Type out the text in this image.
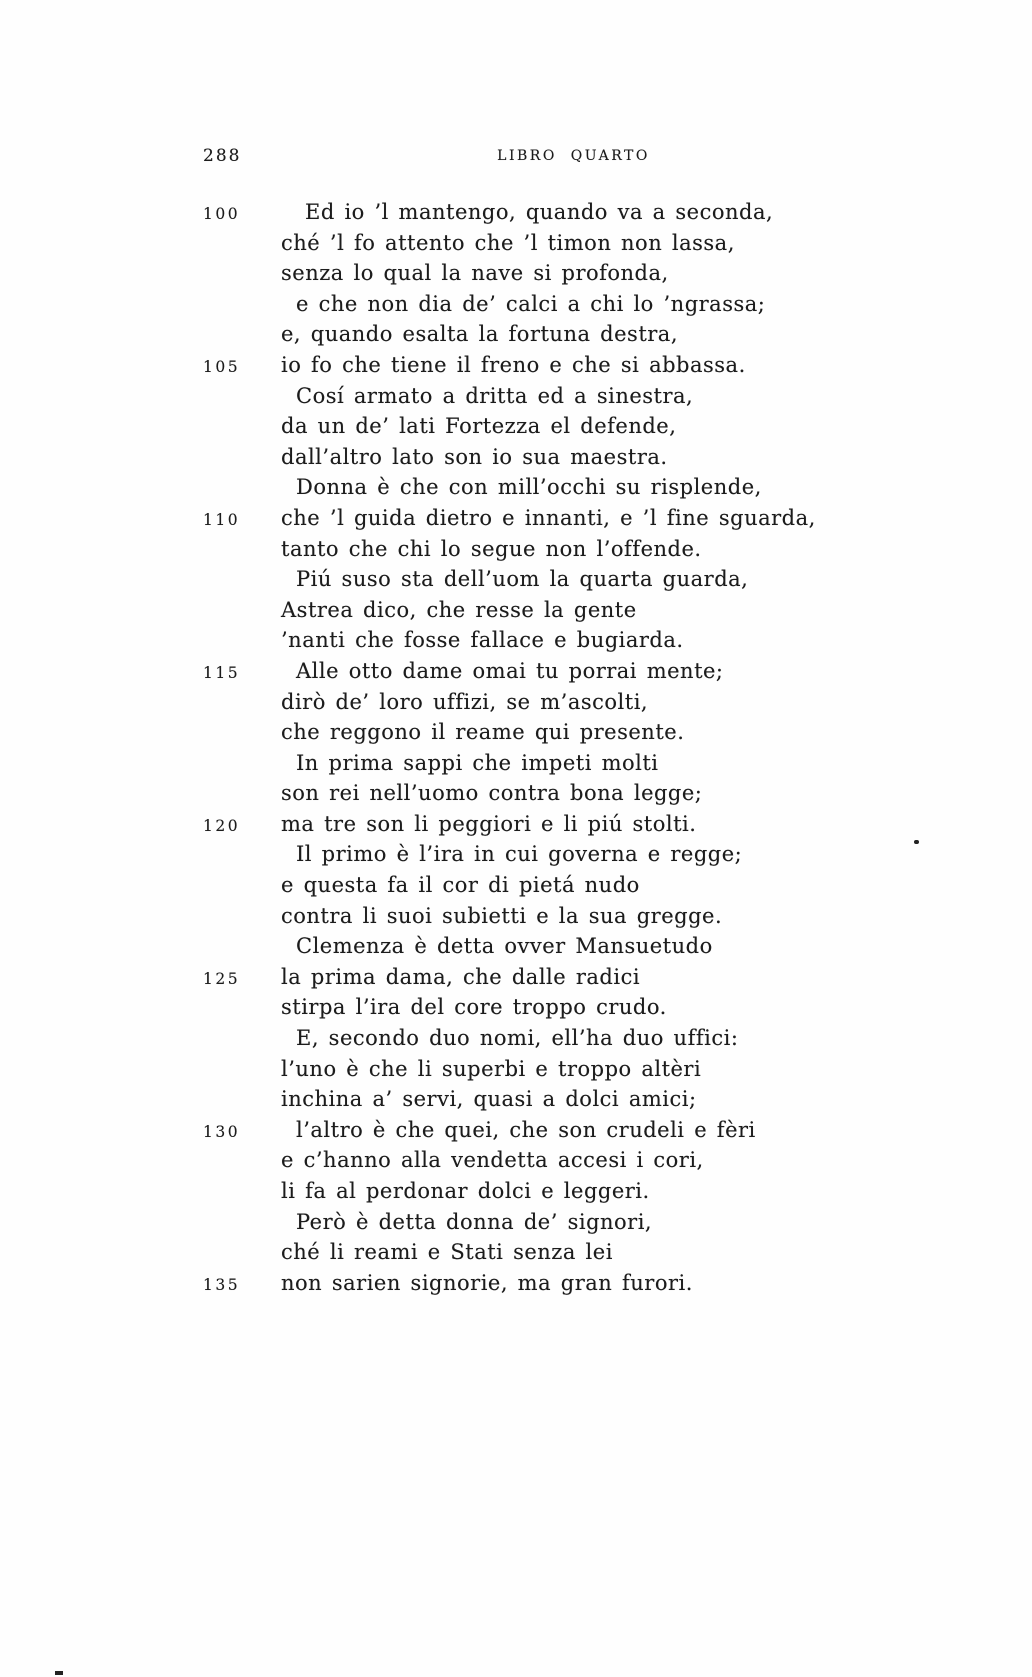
288	LIBRO QUARTO
100	Ed io ’l mantengo, quando va a seconda,
ché ’l fo attento che ’l timon non lassa,
senza lo qual la nave si profonda,
e che non dia de’ calci a chi lo ’ngrassa;
e, quando esalta la fortuna destra,
105	io fo che tiene il freno e che si abbassa.
Cosí armato a dritta ed a sinestra,
da un de’ lati Fortezza el defende,
dall’altro lato son io sua maestra.
Donna è che con mill’occhi su risplende,
110	che ’l guida dietro e innanti, e ’l fine sguarda,
tanto che chi lo segue non l’offende.
Piú suso sta dell’uom la quarta guarda,
Astrea dico, che resse la gente
’nanti che fosse fallace e bugiarda.
115	Alle otto dame omai tu porrai mente;
dirò de’ loro uffizi, se m’ascolti,
che reggono il reame qui presente.
In prima sappi che impeti molti
son rei nell’uomo contra bona legge;
120	ma tre son li peggiori e li piú stolti.
Il primo è l’ira in cui governa e regge;
e questa fa il cor di pietá nudo
contra li suoi subietti e la sua gregge.
Clemenza è detta ovver Mansuetudo
125	la prima dama, che dalle radici
stirpa l’ira del core troppo crudo.
E, secondo duo nomi, ell’ha duo uffici:
l’uno è che li superbi e troppo altèri
inchina a’ servi, quasi a dolci amici;
130	l’altro è che quei, che son crudeli e fèri
e c’hanno alla vendetta accesi i cori,
li fa al perdonar dolci e leggeri.
Però è detta donna de’ signori,
ché li reami e Stati senza lei
135	non sarien signorie, ma gran furori.
